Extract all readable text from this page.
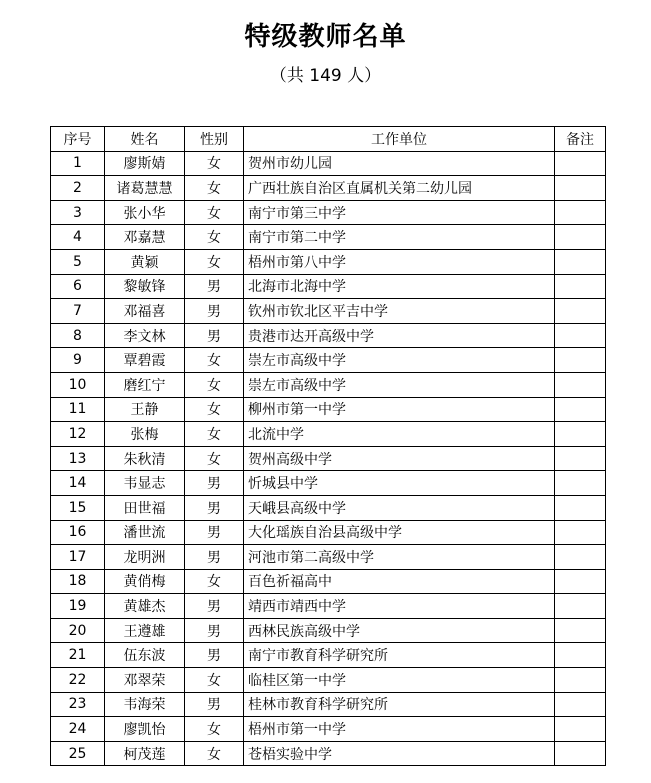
特级教师名单
（共 149 人）
序号	姓名	性别	工作单位	备注
1	廖斯婧	女	贺州市幼儿园	
2	诸葛慧慧	女	广西壮族自治区直属机关第二幼儿园	
3	张小华	女	南宁市第三中学	
4	邓嘉慧	女	南宁市第二中学	
5	黄颖	女	梧州市第八中学	
6	黎敏锋	男	北海市北海中学	
7	邓福喜	男	钦州市钦北区平吉中学	
8	李文林	男	贵港市达开高级中学	
9	覃碧霞	女	崇左市高级中学	
10	磨红宁	女	崇左市高级中学	
11	王静	女	柳州市第一中学	
12	张梅	女	北流中学	
13	朱秋清	女	贺州高级中学	
14	韦显志	男	忻城县中学	
15	田世福	男	天峨县高级中学	
16	潘世流	男	大化瑶族自治县高级中学	
17	龙明洲	男	河池市第二高级中学	
18	黄俏梅	女	百色祈福高中	
19	黄雄杰	男	靖西市靖西中学	
20	王遵雄	男	西林民族高级中学	
21	伍东波	男	南宁市教育科学研究所	
22	邓翠荣	女	临桂区第一中学	
23	韦海荣	男	桂林市教育科学研究所	
24	廖凯怡	女	梧州市第一中学	
25	柯茂莲	女	苍梧实验中学	
